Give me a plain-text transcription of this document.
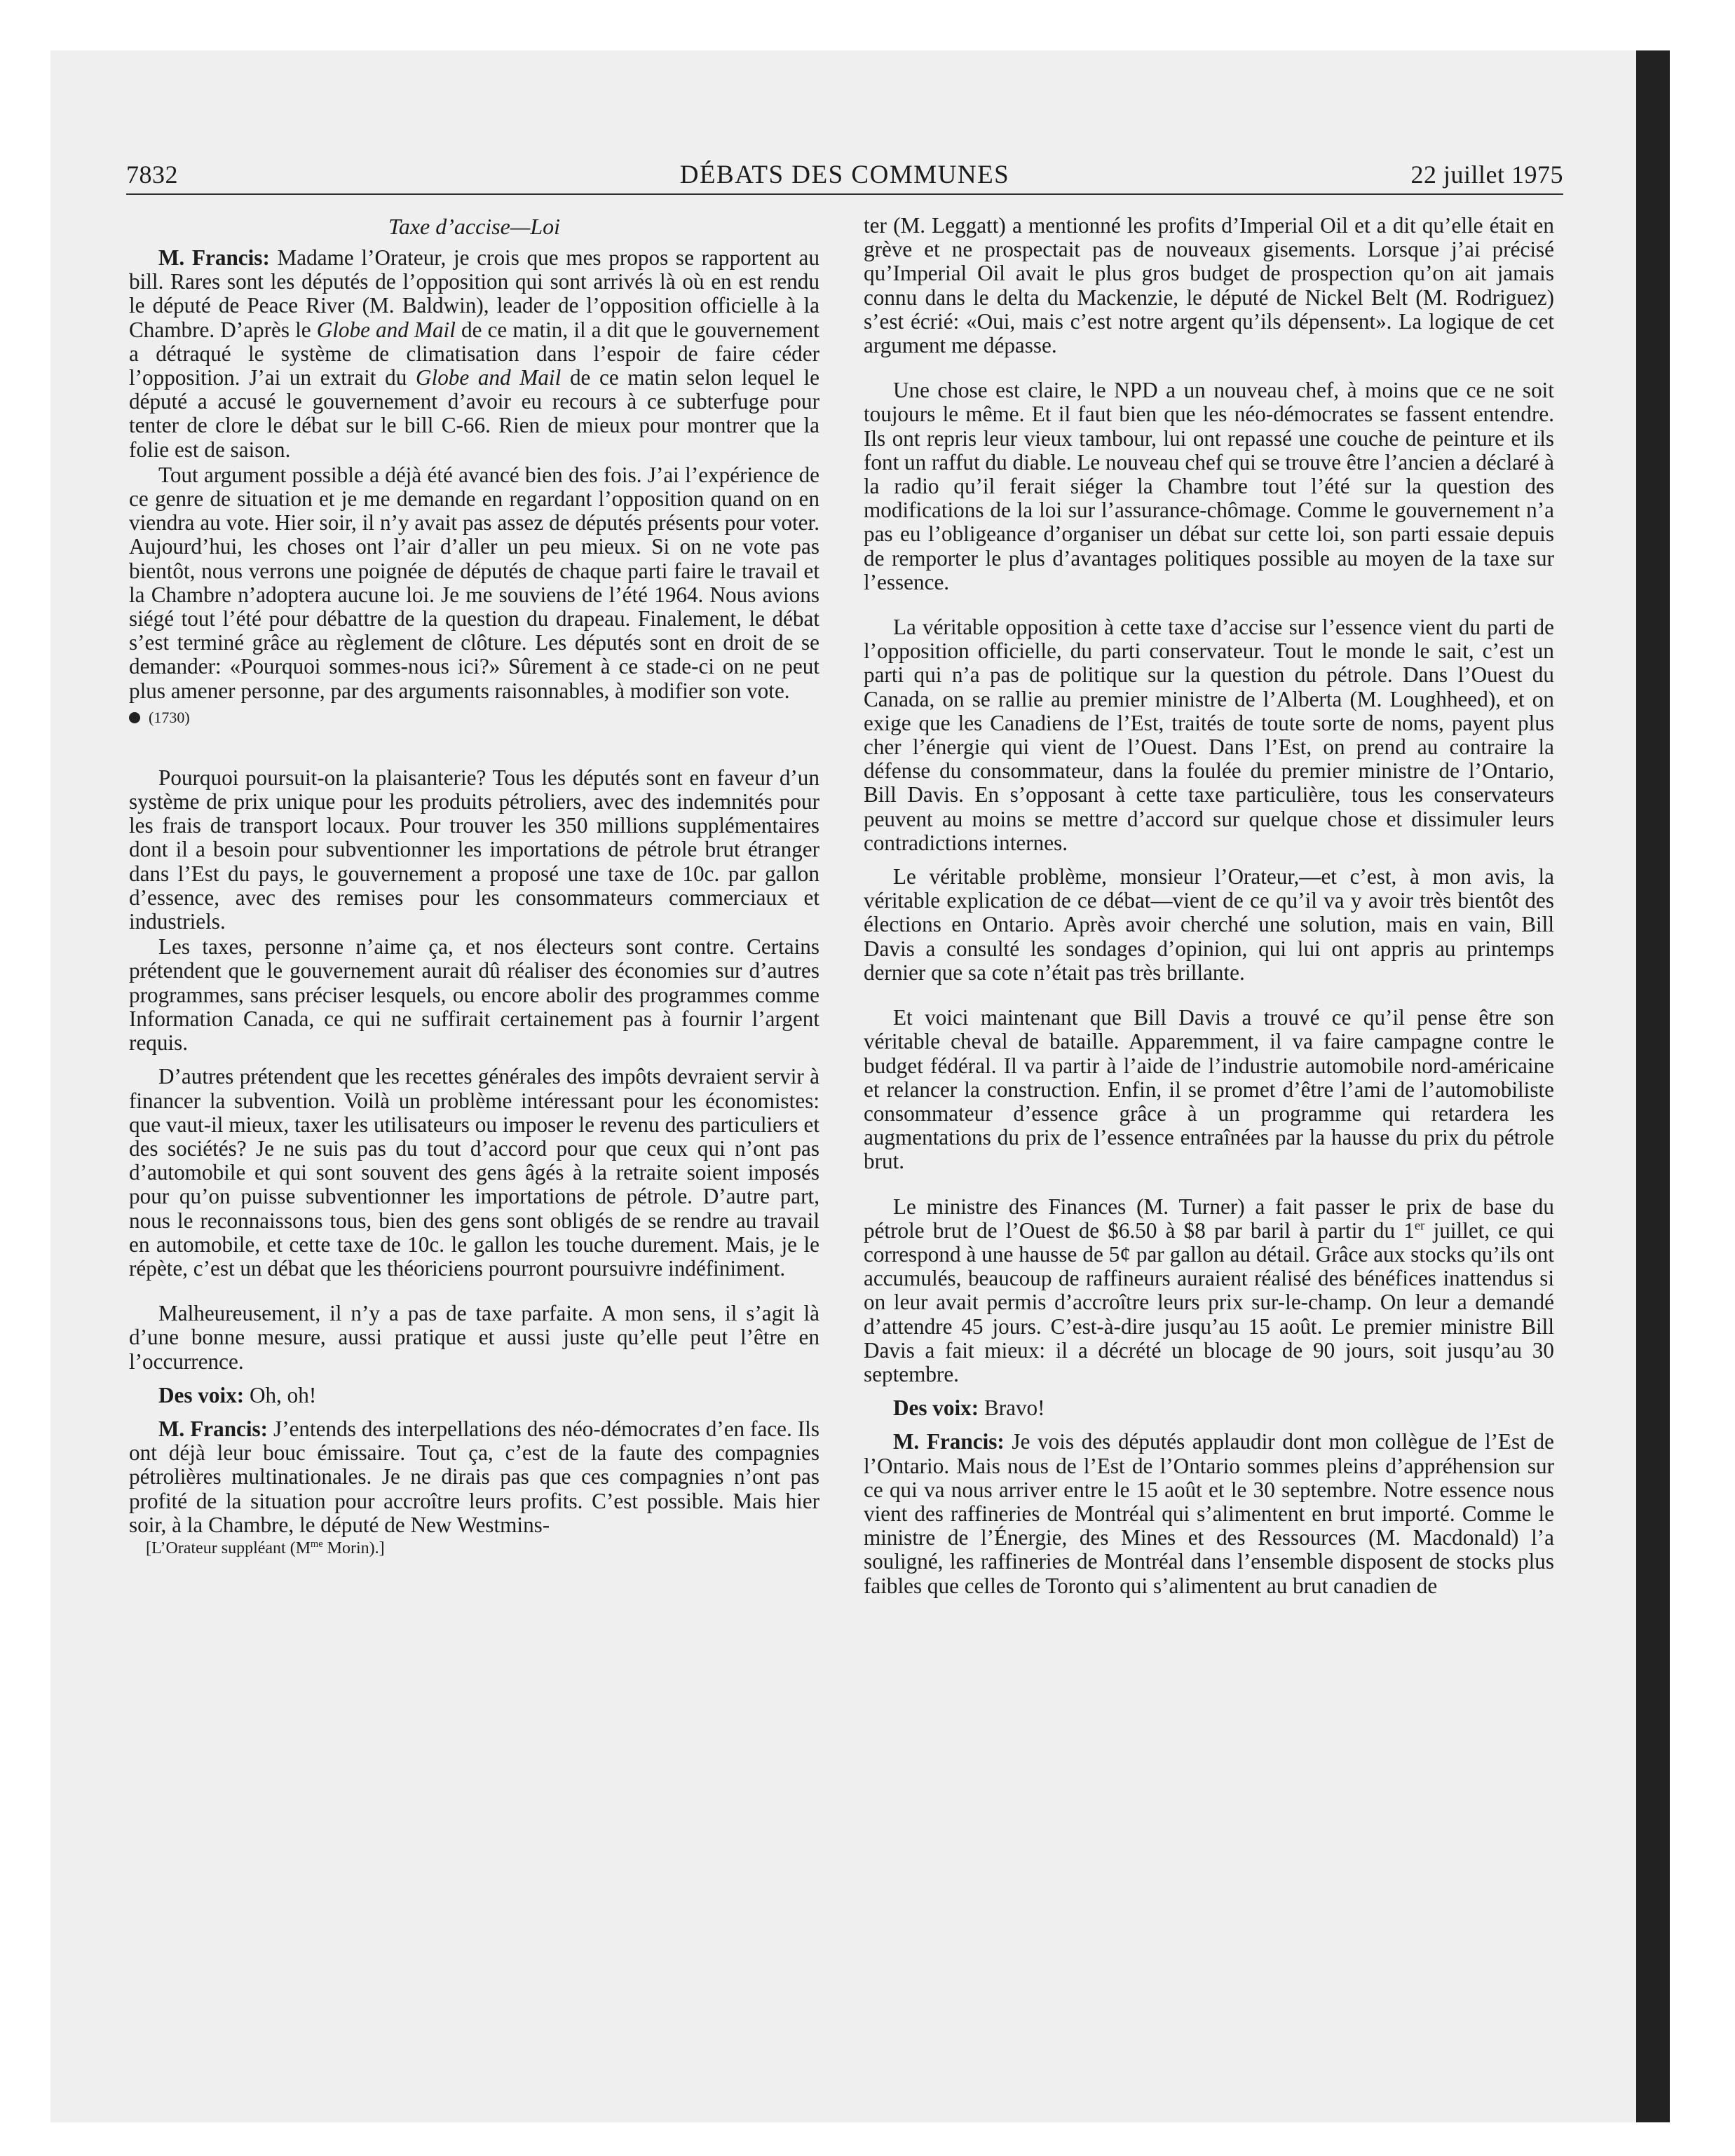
7832	DÉBATS DES COMMUNES	22 juillet 1975
Taxe d’accise—Loi

M. Francis: Madame l’Orateur, je crois que mes propos se rapportent au bill. Rares sont les députés de l’opposition qui sont arrivés là où en est rendu le député de Peace River (M. Baldwin), leader de l’opposition officielle à la Chambre. D’après le Globe and Mail de ce matin, il a dit que le gouvernement a détraqué le système de climatisation dans l’espoir de faire céder l’opposition. J’ai un extrait du Globe and Mail de ce matin selon lequel le député a accusé le gouvernement d’avoir eu recours à ce subterfuge pour tenter de clore le débat sur le bill C-66. Rien de mieux pour montrer que la folie est de saison.

Tout argument possible a déjà été avancé bien des fois. J’ai l’expérience de ce genre de situation et je me demande en regardant l’opposition quand on en viendra au vote. Hier soir, il n’y avait pas assez de députés présents pour voter. Aujourd’hui, les choses ont l’air d’aller un peu mieux. Si on ne vote pas bientôt, nous verrons une poignée de députés de chaque parti faire le travail et la Chambre n’adoptera aucune loi. Je me souviens de l’été 1964. Nous avions siégé tout l’été pour débattre de la question du drapeau. Finalement, le débat s’est terminé grâce au règlement de clôture. Les députés sont en droit de se demander: «Pourquoi sommes-nous ici?» Sûrement à ce stade-ci on ne peut plus amener personne, par des arguments raisonnables, à modifier son vote.

(1730)

Pourquoi poursuit-on la plaisanterie? Tous les députés sont en faveur d’un système de prix unique pour les produits pétroliers, avec des indemnités pour les frais de transport locaux. Pour trouver les 350 millions supplémentaires dont il a besoin pour subventionner les importations de pétrole brut étranger dans l’Est du pays, le gouvernement a proposé une taxe de 10c. par gallon d’essence, avec des remises pour les consommateurs commerciaux et industriels.

Les taxes, personne n’aime ça, et nos électeurs sont contre. Certains prétendent que le gouvernement aurait dû réaliser des économies sur d’autres programmes, sans préciser lesquels, ou encore abolir des programmes comme Information Canada, ce qui ne suffirait certainement pas à fournir l’argent requis.

D’autres prétendent que les recettes générales des impôts devraient servir à financer la subvention. Voilà un problème intéressant pour les économistes: que vaut-il mieux, taxer les utilisateurs ou imposer le revenu des particuliers et des sociétés? Je ne suis pas du tout d’accord pour que ceux qui n’ont pas d’automobile et qui sont souvent des gens âgés à la retraite soient imposés pour qu’on puisse subventionner les importations de pétrole. D’autre part, nous le reconnaissons tous, bien des gens sont obligés de se rendre au travail en automobile, et cette taxe de 10c. le gallon les touche durement. Mais, je le répète, c’est un débat que les théoriciens pourront poursuivre indéfiniment.

Malheureusement, il n’y a pas de taxe parfaite. A mon sens, il s’agit là d’une bonne mesure, aussi pratique et aussi juste qu’elle peut l’être en l’occurrence.

Des voix: Oh, oh!

M. Francis: J’entends des interpellations des néo-démocrates d’en face. Ils ont déjà leur bouc émissaire. Tout ça, c’est de la faute des compagnies pétrolières multinationales. Je ne dirais pas que ces compagnies n’ont pas profité de la situation pour accroître leurs profits. C’est possible. Mais hier soir, à la Chambre, le député de New Westmins-

[L’Orateur suppléant ($M^{me}$ Morin).]

ter (M. Leggatt) a mentionné les profits d’Imperial Oil et a dit qu’elle était en grève et ne prospectait pas de nouveaux gisements. Lorsque j’ai précisé qu’Imperial Oil avait le plus gros budget de prospection qu’on ait jamais connu dans le delta du Mackenzie, le député de Nickel Belt (M. Rodriguez) s’est écrié: «Oui, mais c’est notre argent qu’ils dépensent». La logique de cet argument me dépasse.

Une chose est claire, le NPD a un nouveau chef, à moins que ce ne soit toujours le même. Et il faut bien que les néo-démocrates se fassent entendre. Ils ont repris leur vieux tambour, lui ont repassé une couche de peinture et ils font un raffut du diable. Le nouveau chef qui se trouve être l’ancien a déclaré à la radio qu’il ferait siéger la Chambre tout l’été sur la question des modifications de la loi sur l’assurance-chômage. Comme le gouvernement n’a pas eu l’obligeance d’organiser un débat sur cette loi, son parti essaie depuis de remporter le plus d’avantages politiques possible au moyen de la taxe sur l’essence.

La véritable opposition à cette taxe d’accise sur l’essence vient du parti de l’opposition officielle, du parti conservateur. Tout le monde le sait, c’est un parti qui n’a pas de politique sur la question du pétrole. Dans l’Ouest du Canada, on se rallie au premier ministre de l’Alberta (M. Loughheed), et on exige que les Canadiens de l’Est, traités de toute sorte de noms, payent plus cher l’énergie qui vient de l’Ouest. Dans l’Est, on prend au contraire la défense du consommateur, dans la foulée du premier ministre de l’Ontario, Bill Davis. En s’opposant à cette taxe particulière, tous les conservateurs peuvent au moins se mettre d’accord sur quelque chose et dissimuler leurs contradictions internes.

Le véritable problème, monsieur l’Orateur,—et c’est, à mon avis, la véritable explication de ce débat—vient de ce qu’il va y avoir très bientôt des élections en Ontario. Après avoir cherché une solution, mais en vain, Bill Davis a consulté les sondages d’opinion, qui lui ont appris au printemps dernier que sa cote n’était pas très brillante.

Et voici maintenant que Bill Davis a trouvé ce qu’il pense être son véritable cheval de bataille. Apparemment, il va faire campagne contre le budget fédéral. Il va partir à l’aide de l’industrie automobile nord-américaine et relancer la construction. Enfin, il se promet d’être l’ami de l’automobiliste consommateur d’essence grâce à un programme qui retardera les augmentations du prix de l’essence entraînées par la hausse du prix du pétrole brut.

Le ministre des Finances (M. Turner) a fait passer le prix de base du pétrole brut de l’Ouest de $6.50 à $8 par baril à partir du 1er juillet, ce qui correspond à une hausse de 5¢ par gallon au détail. Grâce aux stocks qu’ils ont accumulés, beaucoup de raffineurs auraient réalisé des bénéfices inattendus si on leur avait permis d’accroître leurs prix sur-le-champ. On leur a demandé d’attendre 45 jours. C’est-à-dire jusqu’au 15 août. Le premier ministre Bill Davis a fait mieux: il a décrété un blocage de 90 jours, soit jusqu’au 30 septembre.

Des voix: Bravo!

M. Francis: Je vois des députés applaudir dont mon collègue de l’Est de l’Ontario. Mais nous de l’Est de l’Ontario sommes pleins d’appréhension sur ce qui va nous arriver entre le 15 août et le 30 septembre. Notre essence nous vient des raffineries de Montréal qui s’alimentent en brut importé. Comme le ministre de l’Énergie, des Mines et des Ressources (M. Macdonald) l’a souligné, les raffineries de Montréal dans l’ensemble disposent de stocks plus faibles que celles de Toronto qui s’alimentent au brut canadien de
